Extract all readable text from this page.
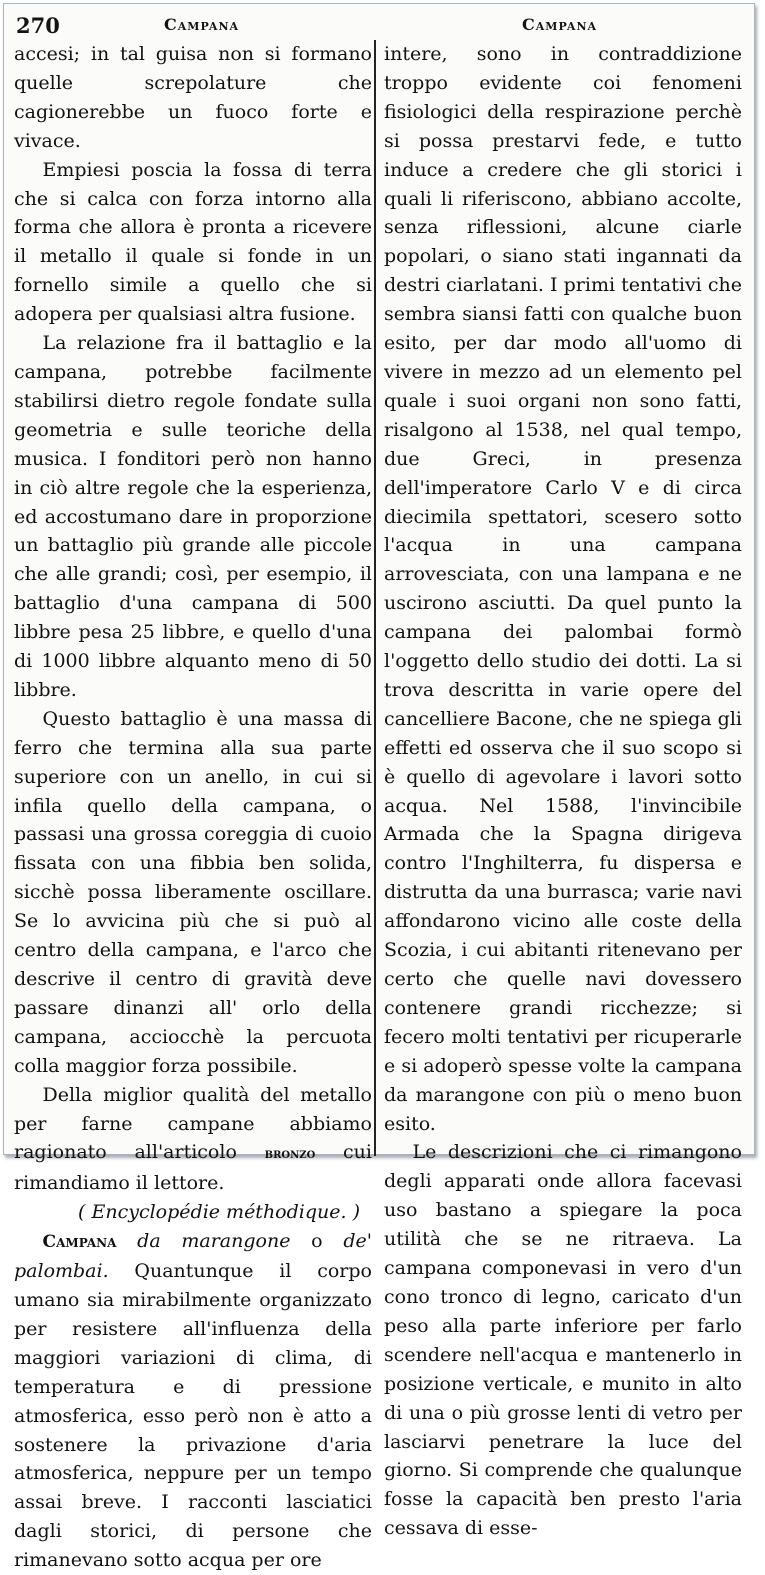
270	Campana	Campana

accesi; in tal guisa non si formano quelle screpolature che cagionerebbe un fuoco forte e vivace.

Empiesi poscia la fossa di terra che si calca con forza intorno alla forma che allora è pronta a ricevere il metallo il quale si fonde in un fornello simile a quello che si adopera per qualsiasi altra fusione.

La relazione fra il battaglio e la campana, potrebbe facilmente stabilirsi dietro regole fondate sulla geometria e sulle teoriche della musica. I fonditori però non hanno in ciò altre regole che la esperienza, ed accostumano dare in proporzione un battaglio più grande alle piccole che alle grandi; così, per esempio, il battaglio d'una campana di 500 libbre pesa 25 libbre, e quello d'una di 1000 libbre alquanto meno di 50 libbre.

Questo battaglio è una massa di ferro che termina alla sua parte superiore con un anello, in cui si infila quello della campana, o passasi una grossa coreggia di cuoio fissata con una fibbia ben solida, sicchè possa liberamente oscillare. Se lo avvicina più che si può al centro della campana, e l'arco che descrive il centro di gravità deve passare dinanzi all' orlo della campana, acciocchè la percuota colla maggior forza possibile.

Della miglior qualità del metallo per farne campane abbiamo ragionato all'articolo bronzo cui rimandiamo il lettore.

( Encyclopédie méthodique. )

Campana da marangone o de' palombai. Quantunque il corpo umano sia mirabilmente organizzato per resistere all'influenza della maggiori variazioni di clima, di temperatura e di pressione atmosferica, esso però non è atto a sostenere la privazione d'aria atmosferica, neppure per un tempo assai breve. I racconti lasciatici dagli storici, di persone che rimanevano sotto acqua per ore

intere, sono in contraddizione troppo evidente coi fenomeni fisiologici della respirazione perchè si possa prestarvi fede, e tutto induce a credere che gli storici i quali li riferiscono, abbiano accolte, senza riflessioni, alcune ciarle popolari, o siano stati ingannati da destri ciarlatani. I primi tentativi che sembra siansi fatti con qualche buon esito, per dar modo all'uomo di vivere in mezzo ad un elemento pel quale i suoi organi non sono fatti, risalgono al 1538, nel qual tempo, due Greci, in presenza dell'imperatore Carlo V e di circa diecimila spettatori, scesero sotto l'acqua in una campana arrovesciata, con una lampana e ne uscirono asciutti. Da quel punto la campana dei palombai formò l'oggetto dello studio dei dotti. La si trova descritta in varie opere del cancelliere Bacone, che ne spiega gli effetti ed osserva che il suo scopo si è quello di agevolare i lavori sotto acqua. Nel 1588, l'invincibile Armada che la Spagna dirigeva contro l'Inghilterra, fu dispersa e distrutta da una burrasca; varie navi affondarono vicino alle coste della Scozia, i cui abitanti ritenevano per certo che quelle navi dovessero contenere grandi ricchezze; si fecero molti tentativi per ricuperarle e si adoperò spesse volte la campana da marangone con più o meno buon esito.

Le descrizioni che ci rimangono degli apparati onde allora facevasi uso bastano a spiegare la poca utilità che se ne ritraeva. La campana componevasi in vero d'un cono tronco di legno, caricato d'un peso alla parte inferiore per farlo scendere nell'acqua e mantenerlo in posizione verticale, e munito in alto di una o più grosse lenti di vetro per lasciarvi penetrare la luce del giorno. Si comprende che qualunque fosse la capacità ben presto l'aria cessava di esse-
